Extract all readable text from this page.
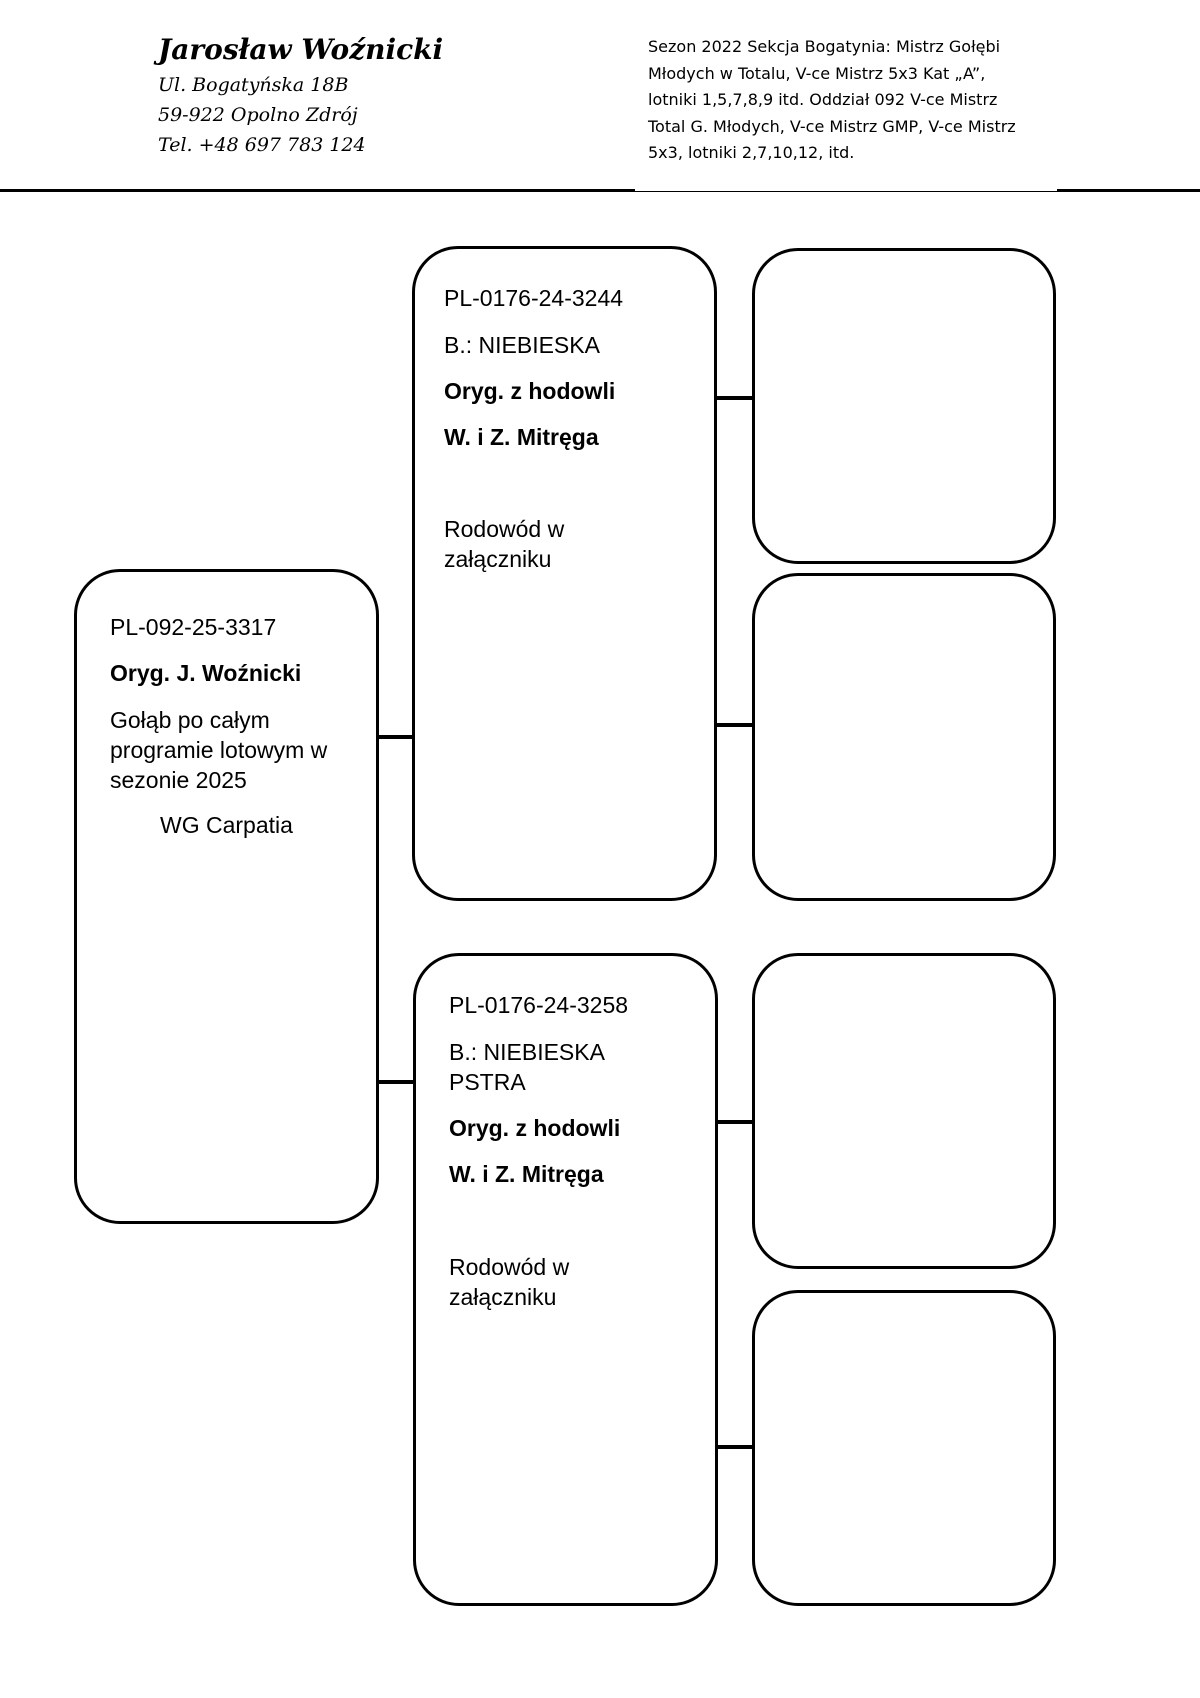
Jarosław Woźnicki
Ul. Bogatyńska 18B
59-922 Opolno Zdrój
Tel. +48 697 783 124
Sezon 2022 Sekcja Bogatynia: Mistrz Gołębi
Młodych w Totalu, V-ce Mistrz 5x3 Kat „A”,
lotniki 1,5,7,8,9 itd. Oddział 092 V-ce Mistrz
Total G. Młodych, V-ce Mistrz GMP, V-ce Mistrz
5x3, lotniki 2,7,10,12, itd.
PL-092-25-3317
Oryg. J. Woźnicki
Gołąb po całym
programie lotowym w
sezonie 2025
WG Carpatia
PL-0176-24-3244
B.: NIEBIESKA
Oryg. z hodowli
W. i Z. Mitręga
Rodowód w
załączniku
PL-0176-24-3258
B.: NIEBIESKA
PSTRA
Oryg. z hodowli
W. i Z. Mitręga
Rodowód w
załączniku
